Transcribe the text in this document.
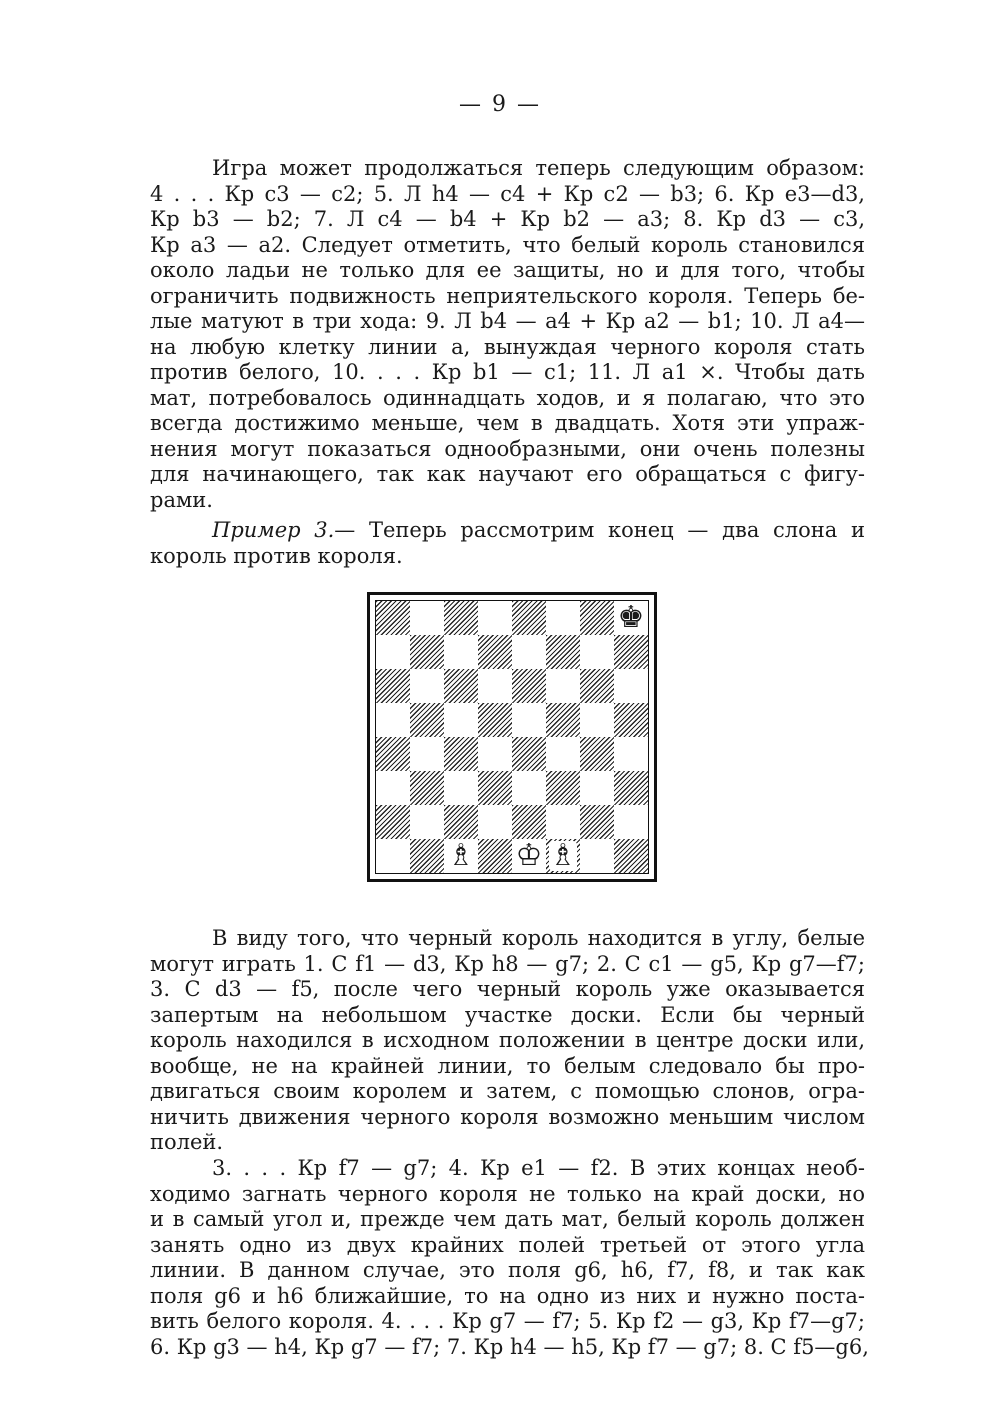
— 9 —
Игра может продолжаться теперь следующим образом:
4 . . . Кр c3 — c2; 5. Л h4 — c4 + Кр c2 — b3; 6. Кр e3—d3,
Кр b3 — b2; 7. Л c4 — b4 + Кр b2 — a3; 8. Кр d3 — c3,
Кр a3 — a2. Следует отметить, что белый король становился
около ладьи не только для ее защиты, но и для того, чтобы
ограничить подвижность неприятельского короля. Теперь бе-
лые матуют в три хода: 9. Л b4 — a4 + Кр a2 — b1; 10. Л a4—
на любую клетку линии a, вынуждая черного короля стать
против белого, 10. . . . Кр b1 — c1; 11. Л a1 ×. Чтобы дать
мат, потребовалось одиннадцать ходов, и я полагаю, что это
всегда достижимо меньше, чем в двадцать. Хотя эти упраж-
нения могут показаться однообразными, они очень полезны
для начинающего, так как научают его обращаться с фигу-
рами.
Пример 3.— Теперь рассмотрим конец — два слона и
король против короля.
♚
♗ ♔ ♗
В виду того, что черный король находится в углу, белые
могут играть 1. С f1 — d3, Кр h8 — g7; 2. С c1 — g5, Кр g7—f7;
3. С d3 — f5, после чего черный король уже оказывается
запертым на небольшом участке доски. Если бы черный
король находился в исходном положении в центре доски или,
вообще, не на крайней линии, то белым следовало бы про-
двигаться своим королем и затем, с помощью слонов, огра-
ничить движения черного короля возможно меньшим числом
полей.
3. . . . Кр f7 — g7; 4. Кр e1 — f2. В этих концах необ-
ходимо загнать черного короля не только на край доски, но
и в самый угол и, прежде чем дать мат, белый король должен
занять одно из двух крайних полей третьей от этого угла
линии. В данном случае, это поля g6, h6, f7, f8, и так как
поля g6 и h6 ближайшие, то на одно из них и нужно поста-
вить белого короля. 4. . . . Кр g7 — f7; 5. Кр f2 — g3, Кр f7—g7;
6. Кр g3 — h4, Кр g7 — f7; 7. Кр h4 — h5, Кр f7 — g7; 8. С f5—g6,
